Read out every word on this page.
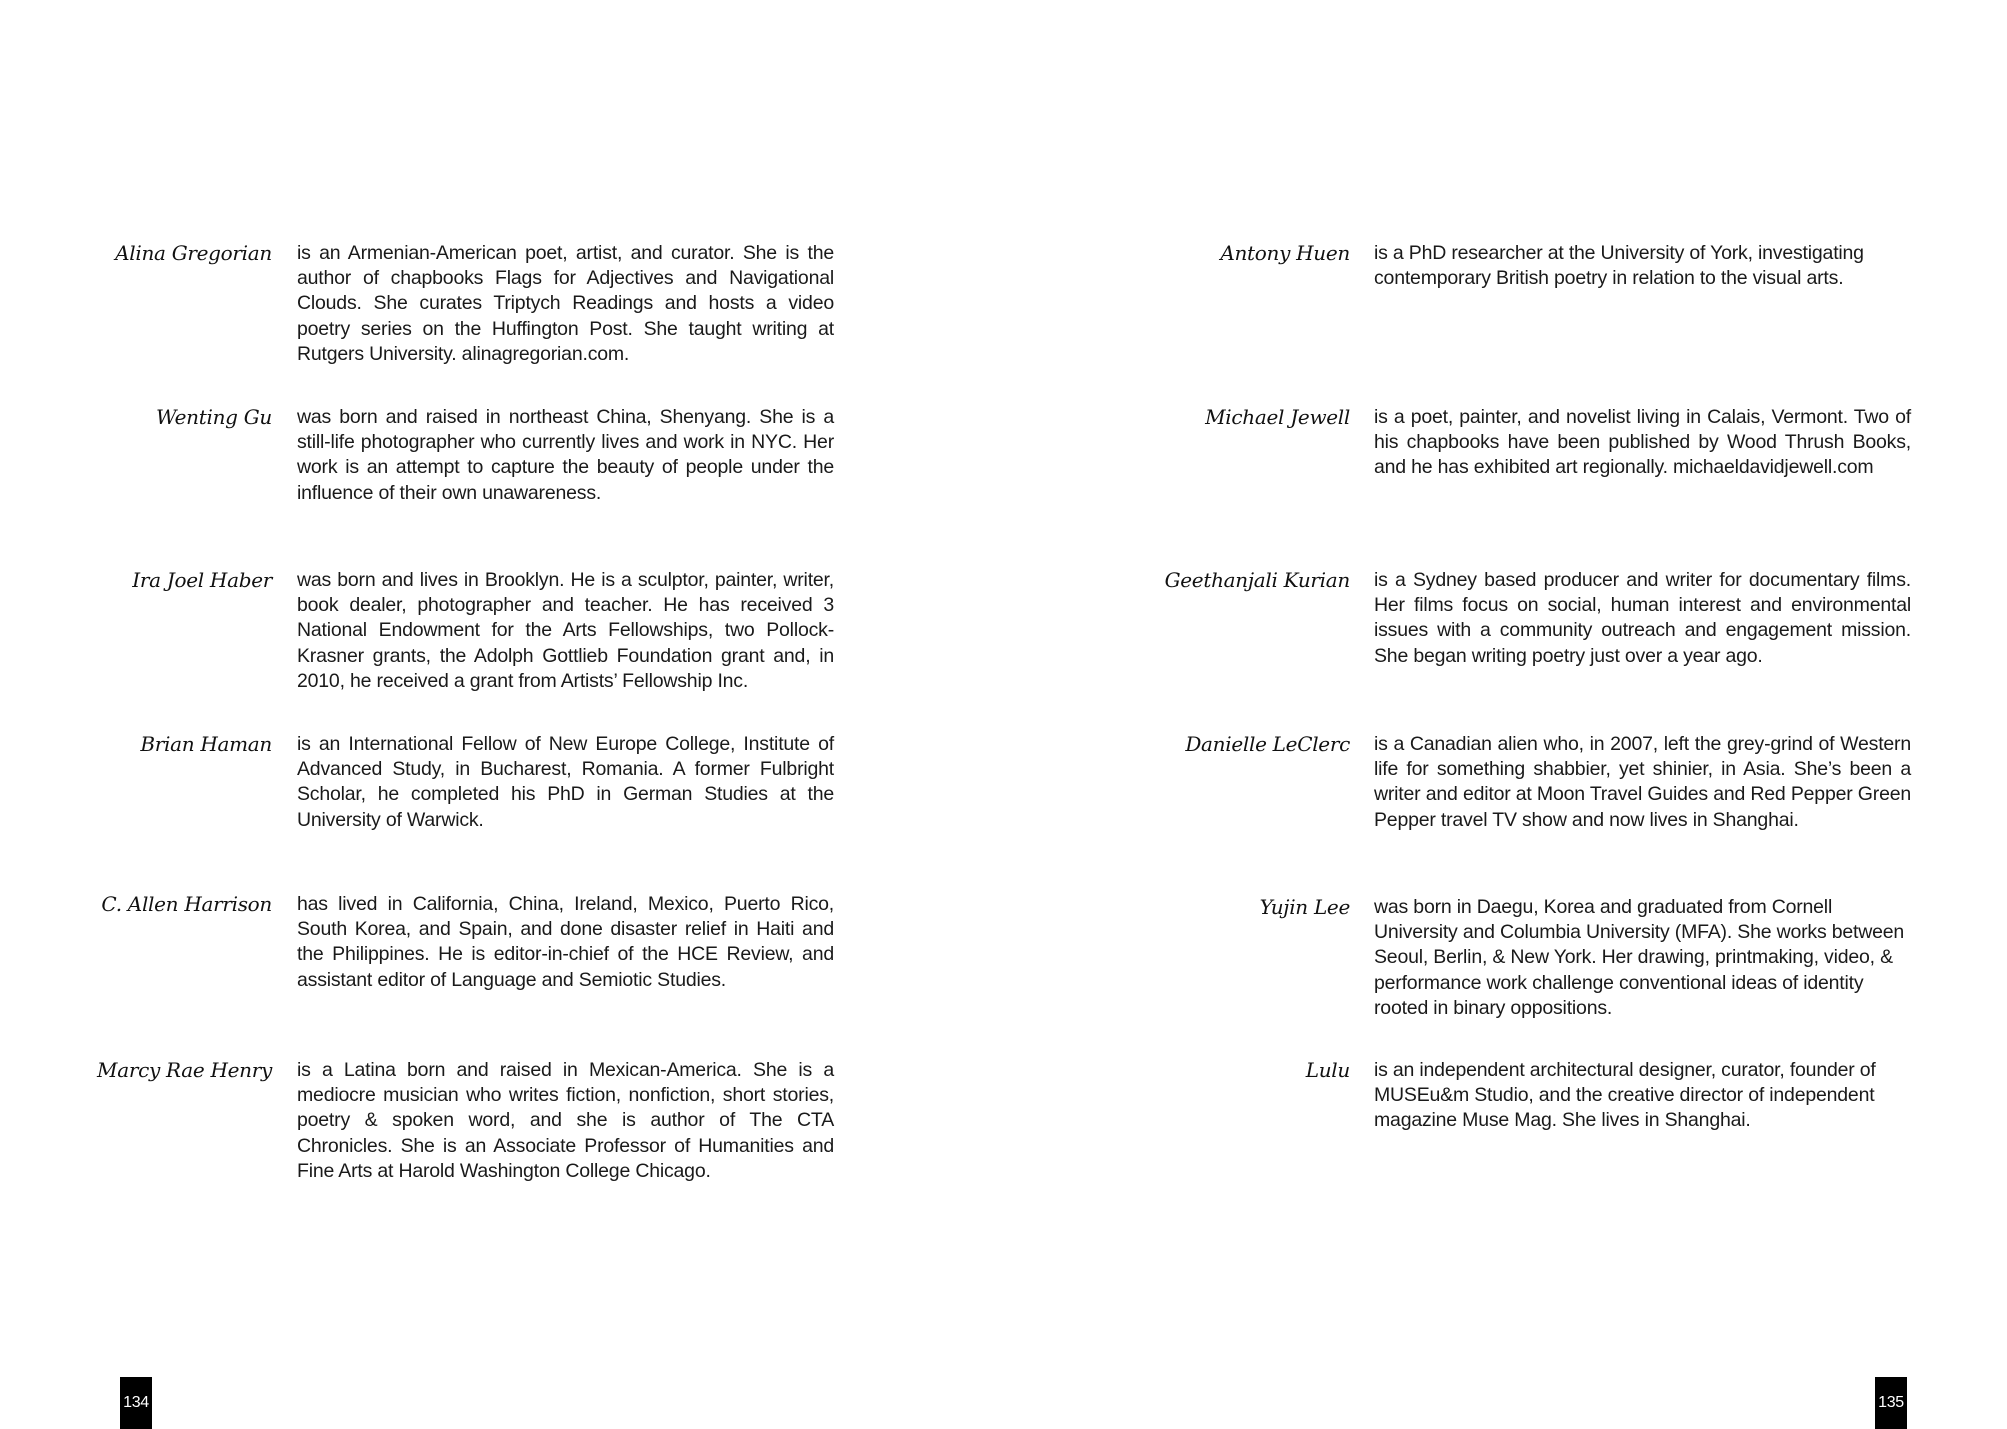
Alina Gregorian is an Armenian-American poet, artist, and curator. She is the author of chapbooks Flags for Adjectives and Navigational Clouds. She curates Triptych Readings and hosts a video poetry series on the Huffington Post. She taught writing at Rutgers University. alinagregorian.com.

Wenting Gu was born and raised in northeast China, Shenyang. She is a still-life photographer who currently lives and work in NYC. Her work is an attempt to capture the beauty of people under the influence of their own unawareness.

Ira Joel Haber was born and lives in Brooklyn. He is a sculptor, painter, writer, book dealer, photographer and teacher. He has received 3 National Endowment for the Arts Fellowships, two Pollock-Krasner grants, the Adolph Gottlieb Foundation grant and, in 2010, he received a grant from Artists’ Fellowship Inc.

Brian Haman is an International Fellow of New Europe College, Institute of Advanced Study, in Bucharest, Romania. A former Fulbright Scholar, he completed his PhD in German Studies at the University of Warwick.

C. Allen Harrison has lived in California, China, Ireland, Mexico, Puerto Rico, South Korea, and Spain, and done disaster relief in Haiti and the Philippines. He is editor-in-chief of the HCE Review, and assistant editor of Language and Semiotic Studies.

Marcy Rae Henry is a Latina born and raised in Mexican-America. She is a mediocre musician who writes fiction, nonfiction, short stories, poetry & spoken word, and she is author of The CTA Chronicles. She is an Associate Professor of Humanities and Fine Arts at Harold Washington College Chicago.

134
Antony Huen is a PhD researcher at the University of York, investigating contemporary British poetry in relation to the visual arts.

Michael Jewell is a poet, painter, and novelist living in Calais, Vermont. Two of his chapbooks have been published by Wood Thrush Books, and he has exhibited art regionally. michaeldavidjewell.com

Geethanjali Kurian is a Sydney based producer and writer for documentary films. Her films focus on social, human interest and environmental issues with a community outreach and engagement mission. She began writing poetry just over a year ago.

Danielle LeClerc is a Canadian alien who, in 2007, left the grey-grind of Western life for something shabbier, yet shinier, in Asia. She’s been a writer and editor at Moon Travel Guides and Red Pepper Green Pepper travel TV show and now lives in Shanghai.

Yujin Lee was born in Daegu, Korea and graduated from Cornell University and Columbia University (MFA). She works between Seoul, Berlin, & New York. Her drawing, printmaking, video, & performance work challenge conventional ideas of identity rooted in binary oppositions.

Lulu is an independent architectural designer, curator, founder of MUSEu&m Studio, and the creative director of independent magazine Muse Mag. She lives in Shanghai.

135
